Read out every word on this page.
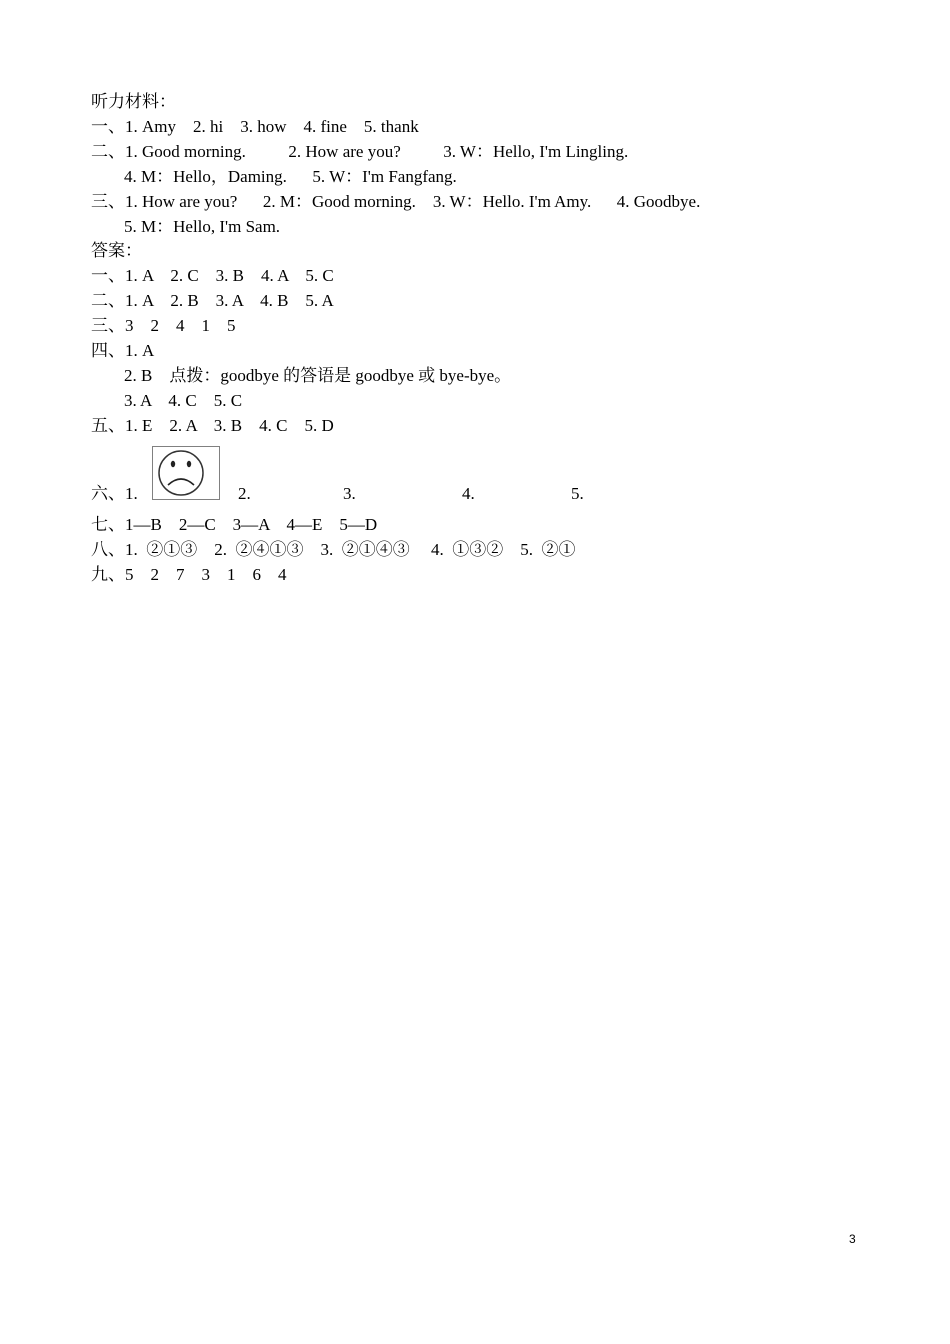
听力材料：
一、1. Amy    2. hi    3. how    4. fine    5. thank
二、1. Good morning.          2. How are you?          3. W：Hello, I'm Lingling.
4. M：Hello，Daming.      5. W：I'm Fangfang.
三、1. How are you?      2. M：Good morning.    3. W：Hello. I'm Amy.      4. Goodbye.
5. M：Hello, I'm Sam.
答案：
一、1. A    2. C    3. B    4. A    5. C
二、1. A    2. B    3. A    4. B    5. A
三、3    2    4    1    5
四、1. A
2. B    点拨：goodbye 的答语是 goodbye 或 bye-bye。
3. A    4. C    5. C
五、1. E    2. A    3. B    4. C    5. D
六、1.	2.	3.	4.	5.
七、1—B    2—C    3—A    4—E    5—D
八、1.  ②①③    2.  ②④①③    3.  ②①④③     4.  ①③②    5.  ②①
九、5    2    7    3    1    6    4
3
